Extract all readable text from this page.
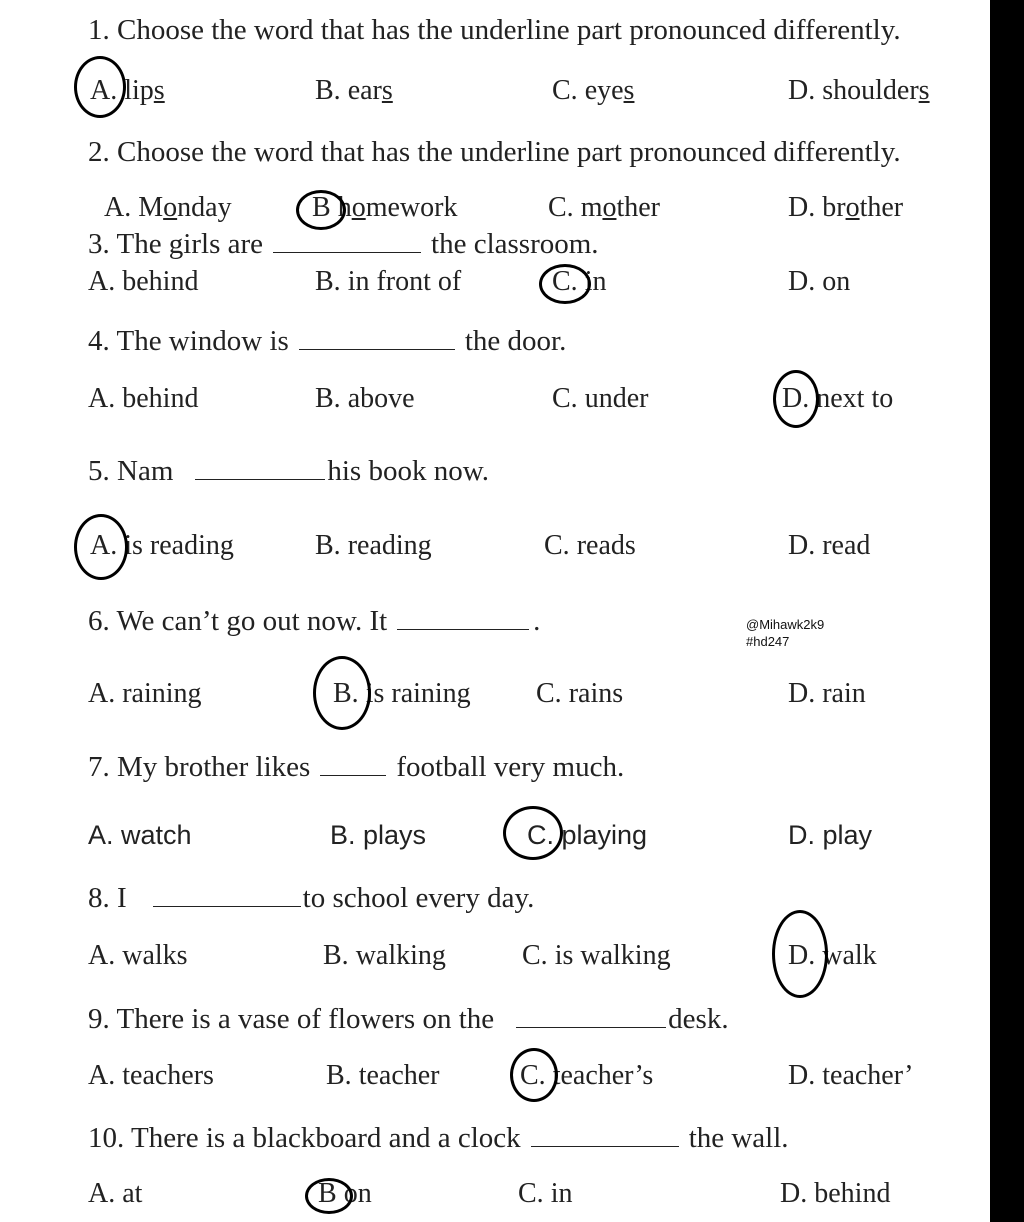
1. Choose the word that has the underline part pronounced differently.
A. lips	B. ears	C. eyes	D. shoulders
2. Choose the word that has the underline part pronounced differently.
A. Monday	B homework	C. mother	D. brother
3. The girls are	the classroom.
A. behind	B. in front of	C. in	D. on
4. The window is	the door.
A. behind	B. above	C. under	D. next to
5. Nam	his book now.
A. is reading	B. reading	C. reads	D. read
6. We can’t go out now. It	.	@Mihawk2k9
#hd247
A. raining	B. is raining C. rains	D. rain
7. My brother likes	football very much.
A. watch	B. plays	C. playing	D. play
8. I	to school every day.
A. walks	B. walking	C. is walking	D. walk
9. There is a vase of flowers on the	desk.
A. teachers	B. teacher	C. teacher’s	D. teacher’
10. There is a blackboard and a clock	the wall.
A. at	B on	C. in	D. behind
